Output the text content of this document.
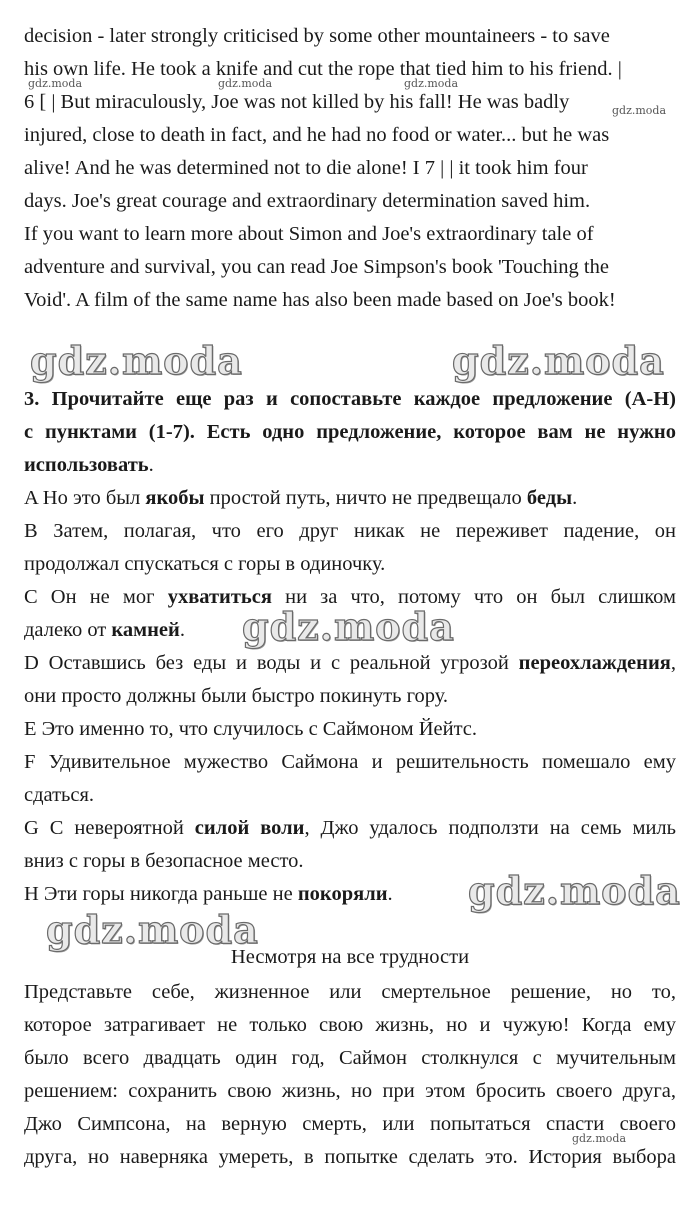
decision - later strongly criticised by some other mountaineers - to save
his own life. He took a knife and cut the rope that tied him to his friend. |
6 [ | But miraculously, Joe was not killed by his fall! He was badly
injured, close to death in fact, and he had no food or water... but he was
alive! And he was determined not to die alone! I 7 | | it took him four
days. Joe's great courage and extraordinary determination saved him.
If you want to learn more about Simon and Joe's extraordinary tale of
adventure and survival, you can read Joe Simpson's book 'Touching the
Void'. A film of the same name has also been made based on Joe's book!
3. Прочитайте еще раз и сопоставьте каждое предложение (A-H)
с пунктами (1-7). Есть одно предложение, которое вам не нужно
использовать.
A Но это был якобы простой путь, ничто не предвещало беды.
B Затем, полагая, что его друг никак не переживет падение, он
продолжал спускаться с горы в одиночку.
C Он не мог ухватиться ни за что, потому что он был слишком
далеко от камней.
D Оставшись без еды и воды и с реальной угрозой переохлаждения,
они просто должны были быстро покинуть гору.
E Это именно то, что случилось с Саймоном Йейтс.
F Удивительное мужество Саймона и решительность помешало ему
сдаться.
G С невероятной силой воли, Джо удалось подползти на семь миль
вниз с горы в безопасное место.
H Эти горы никогда раньше не покоряли.
Несмотря на все трудности
Представьте себе, жизненное или смертельное решение, но то,
которое затрагивает не только свою жизнь, но и чужую! Когда ему
было всего двадцать один год, Саймон столкнулся с мучительным
решением: сохранить свою жизнь, но при этом бросить своего друга,
Джо Симпсона, на верную смерть, или попытаться спасти своего
друга, но наверняка умереть, в попытке сделать это. История выбора
gdz.moda	gdz.moda
gdz.moda
gdz.moda
gdz.moda
gdz.moda	gdz.moda	gdz.moda
gdz.moda
gdz.moda
